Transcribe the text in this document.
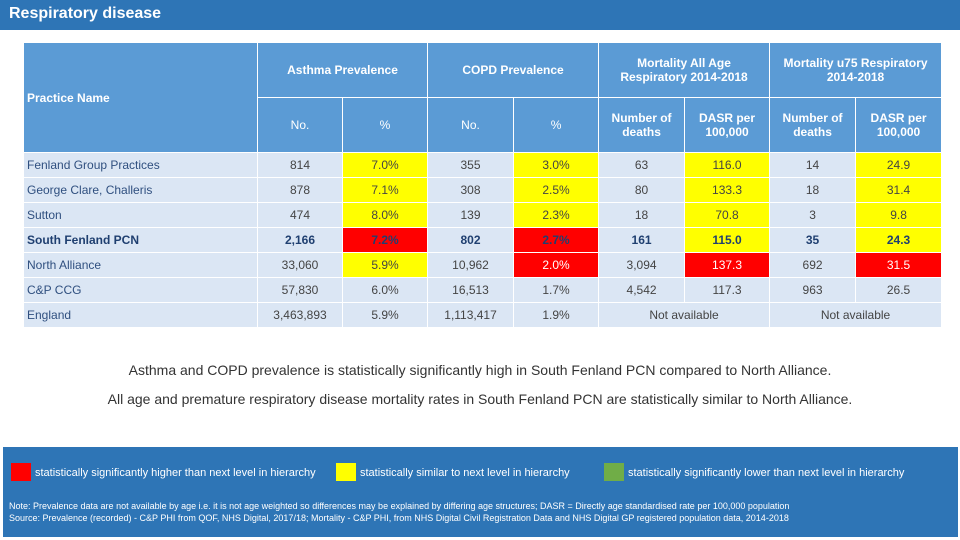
Respiratory disease
Practice Name	Asthma Prevalence		COPD Prevalence		Mortality All Age Respiratory 2014-2018		Mortality u75 Respiratory 2014-2018	
	No.	%	No.	%	Number of deaths	DASR per 100,000	Number of deaths	DASR per 100,000
Fenland Group Practices	814	7.0%	355	3.0%	63	116.0	14	24.9
George Clare, Challeris	878	7.1%	308	2.5%	80	133.3	18	31.4
Sutton	474	8.0%	139	2.3%	18	70.8	3	9.8
South Fenland PCN	2,166	7.2%	802	2.7%	161	115.0	35	24.3
North Alliance	33,060	5.9%	10,962	2.0%	3,094	137.3	692	31.5
C&P CCG	57,830	6.0%	16,513	1.7%	4,542	117.3	963	26.5
England	3,463,893	5.9%	1,113,417	1.9%	Not available		Not available	
Asthma and COPD prevalence is statistically significantly high in South Fenland PCN compared to North Alliance.
All age and premature respiratory disease mortality rates in South Fenland PCN are statistically similar to North Alliance.
statistically significantly higher than next level in hierarchy	statistically similar to next level in hierarchy	statistically significantly lower than next level in hierarchy
Note: Prevalence data are not available by age i.e. it is not age weighted so differences may be explained by differing age structures; DASR = Directly age standardised rate per 100,000 population
Source: Prevalence (recorded) - C&P PHI from QOF, NHS Digital, 2017/18; Mortality - C&P PHI, from NHS Digital Civil Registration Data and NHS Digital GP registered population data, 2014-2018
